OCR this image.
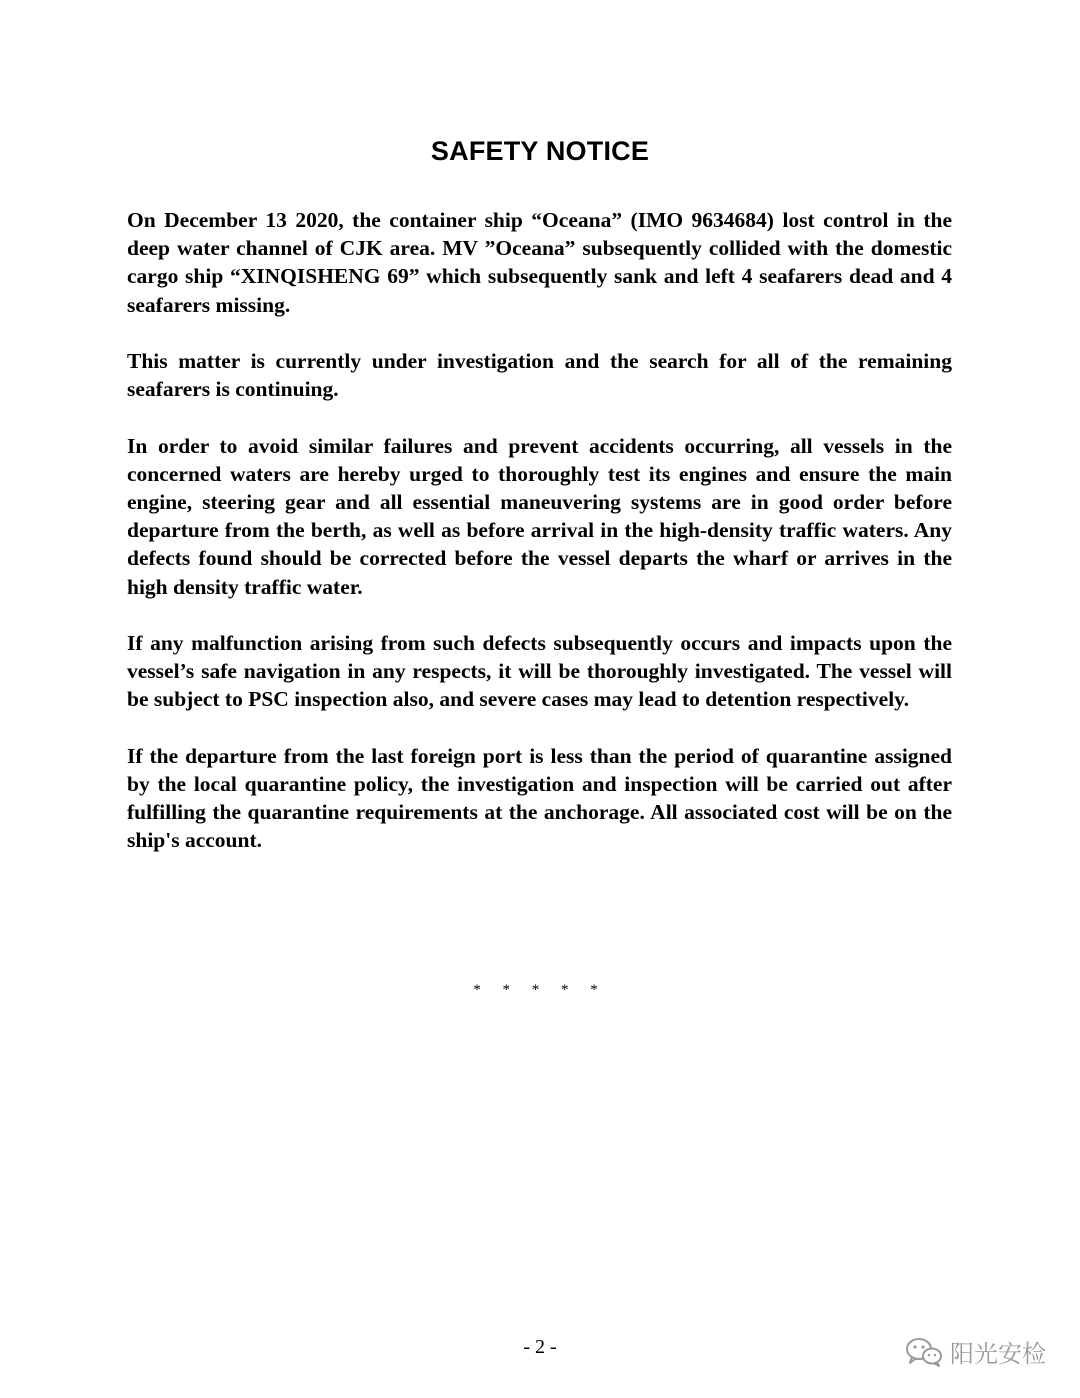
SAFETY NOTICE

On December 13 2020, the container ship “Oceana” (IMO 9634684) lost control in the deep water channel of CJK area. MV ”Oceana” subsequently collided with the domestic cargo ship “XINQISHENG 69” which subsequently sank and left 4 seafarers dead and 4 seafarers missing.

This matter is currently under investigation and the search for all of the remaining seafarers is continuing.

In order to avoid similar failures and prevent accidents occurring, all vessels in the concerned waters are hereby urged to thoroughly test its engines and ensure the main engine, steering gear and all essential maneuvering systems are in good order before departure from the berth, as well as before arrival in the high-density traffic waters. Any defects found should be corrected before the vessel departs the wharf or arrives in the high density traffic water.

If any malfunction arising from such defects subsequently occurs and impacts upon the vessel’s safe navigation in any respects, it will be thoroughly investigated. The vessel will be subject to PSC inspection also, and severe cases may lead to detention respectively.

If the departure from the last foreign port is less than the period of quarantine assigned by the local quarantine policy, the investigation and inspection will be carried out after fulfilling the quarantine requirements at the anchorage. All associated cost will be on the ship's account.

* * * * *
- 2 -	阳光安检
